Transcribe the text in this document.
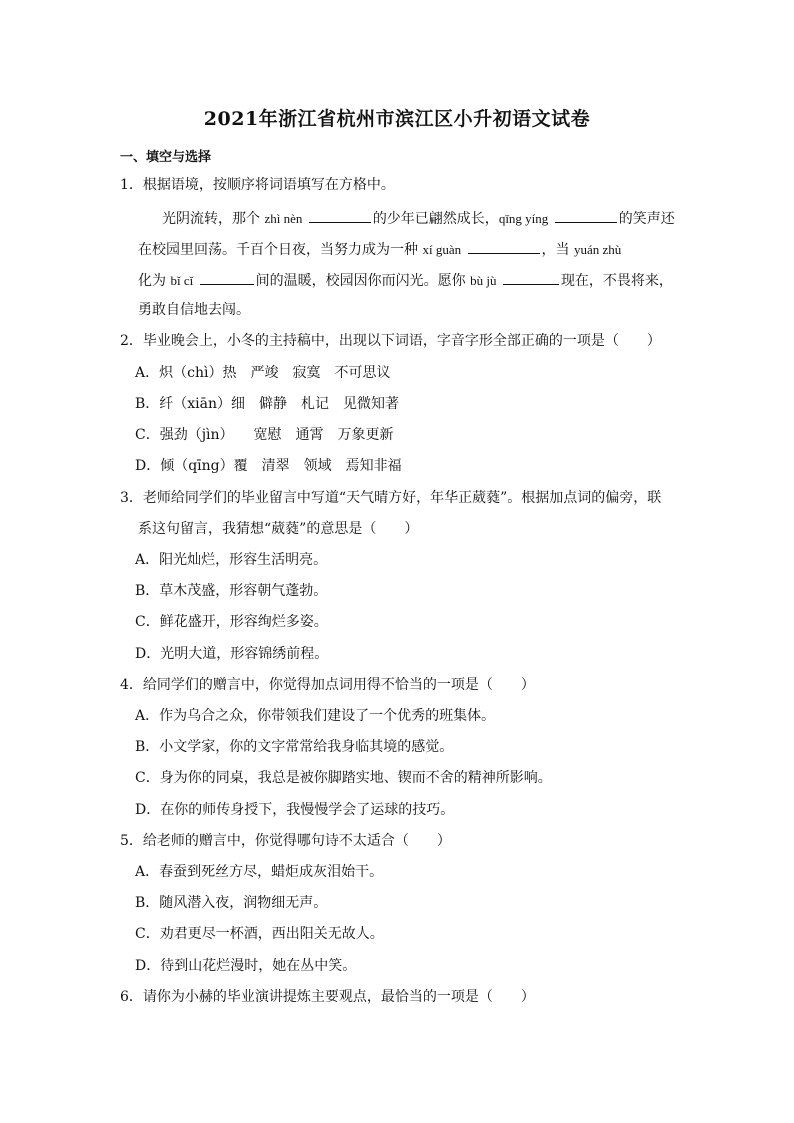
2021年浙江省杭州市滨江区小升初语文试卷
一、填空与选择
1．根据语境，按顺序将词语填写在方格中。
光阴流转，那个 zhì nèn	的少年已翩然成长，qīng yíng	的笑声还
在校园里回荡。千百个日夜，当努力成为一种 xí guàn	，当 yuán zhù
化为 bǐ cǐ	间的温暖，校园因你而闪光。愿你 bù jù	现在，不畏将来，
勇敢自信地去闯。
2．毕业晚会上，小冬的主持稿中，出现以下词语，字音字形全部正确的一项是（　　）
A．炽（chì）热 严竣 寂寞 不可思议
B．纤（xiān）细 僻静 札记 见微知著
C．强劲（jìn） 宽慰 通霄 万象更新
D．倾（qīng）覆 清翠 领域 焉知非福
3．老师给同学们的毕业留言中写道“天气晴方好，年华正葳蕤”。根据加点词的偏旁，联
系这句留言，我猜想“葳蕤”的意思是（　　）
A．阳光灿烂，形容生活明亮。
B．草木茂盛，形容朝气蓬勃。
C．鲜花盛开，形容绚烂多姿。
D．光明大道，形容锦绣前程。
4．给同学们的赠言中，你觉得加点词用得不恰当的一项是（　　）
A．作为乌合之众，你带领我们建设了一个优秀的班集体。
B．小文学家，你的文字常常给我身临其境的感觉。
C．身为你的同桌，我总是被你脚踏实地、锲而不舍的精神所影响。
D．在你的师传身授下，我慢慢学会了运球的技巧。
5．给老师的赠言中，你觉得哪句诗不太适合（　　）
A．春蚕到死丝方尽，蜡炬成灰泪始干。
B．随风潜入夜，润物细无声。
C．劝君更尽一杯酒，西出阳关无故人。
D．待到山花烂漫时，她在丛中笑。
6．请你为小赫的毕业演讲提炼主要观点，最恰当的一项是（　　）
